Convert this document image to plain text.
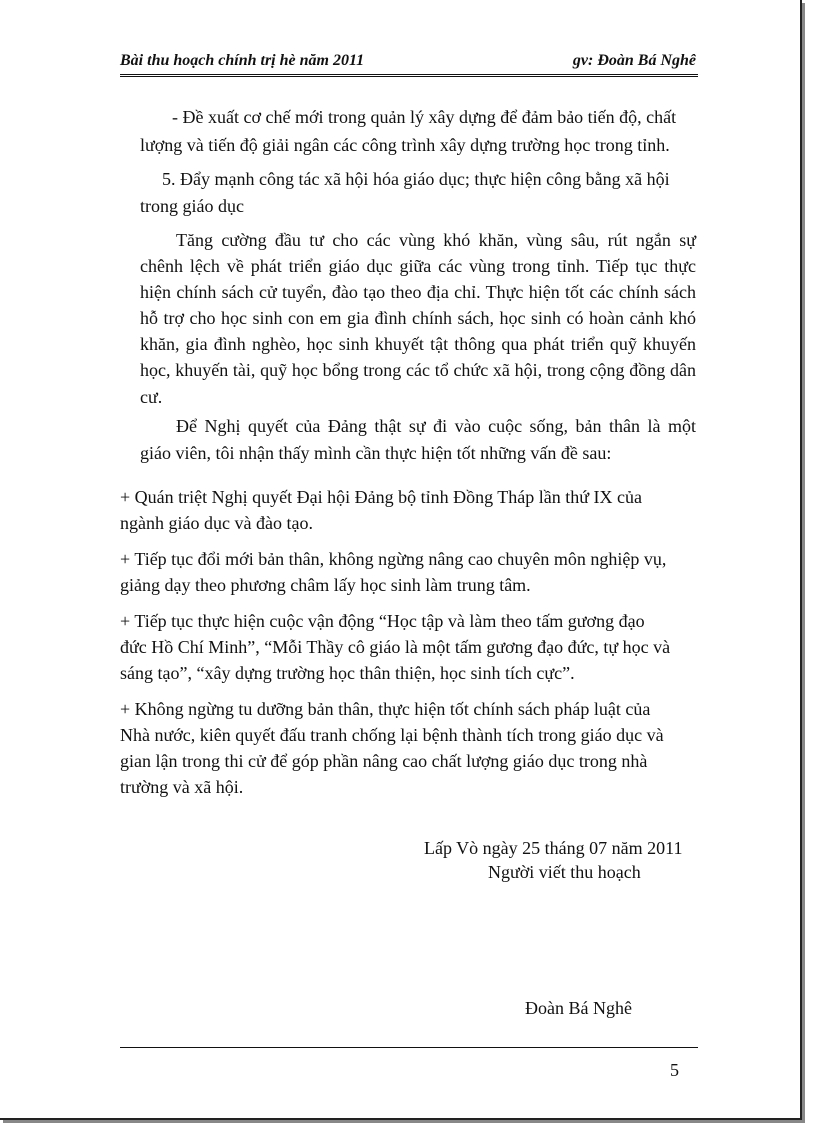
Bài thu hoạch chính trị hè năm 2011	gv: Đoàn Bá Nghê
- Đề xuất cơ chế mới trong quản lý xây dựng để đảm bảo tiến độ, chất
lượng và tiến độ giải ngân các công trình xây dựng trường học trong tỉnh.
5. Đẩy mạnh công tác xã hội hóa giáo dục; thực hiện công bằng xã hội
trong giáo dục
Tăng cường đầu tư cho các vùng khó khăn, vùng sâu, rút ngắn sự
chênh lệch về phát triển giáo dục giữa các vùng trong tỉnh. Tiếp tục thực
hiện chính sách cử tuyển, đào tạo theo địa chỉ. Thực hiện tốt các chính sách
hỗ trợ cho học sinh con em gia đình chính sách, học sinh có hoàn cảnh khó
khăn, gia đình nghèo, học sinh khuyết tật thông qua phát triển quỹ khuyến
học, khuyến tài, quỹ học bổng trong các tổ chức xã hội, trong cộng đồng dân
cư.
Để Nghị quyết của Đảng thật sự đi vào cuộc sống, bản thân là một
giáo viên, tôi nhận thấy mình cần thực hiện tốt những vấn đề sau:
+ Quán triệt Nghị quyết Đại hội Đảng bộ tỉnh Đồng Tháp lần thứ IX của
ngành giáo dục và đào tạo.
+ Tiếp tục đổi mới bản thân, không ngừng nâng cao chuyên môn nghiệp vụ,
giảng dạy theo phương châm lấy học sinh làm trung tâm.
+ Tiếp tục thực hiện cuộc vận động “Học tập và làm theo tấm gương đạo
đức Hồ Chí Minh”, “Mỗi Thầy cô giáo là một tấm gương đạo đức, tự học và
sáng tạo”, “xây dựng trường học thân thiện, học sinh tích cực”.
+ Không ngừng tu dưỡng bản thân, thực hiện tốt chính sách pháp luật của
Nhà nước, kiên quyết đấu tranh chống lại bệnh thành tích trong giáo dục và
gian lận trong thi cử để góp phần nâng cao chất lượng giáo dục trong nhà
trường và xã hội.
Lấp Vò ngày 25 tháng 07 năm 2011
Người viết thu hoạch
Đoàn Bá Nghê
5
